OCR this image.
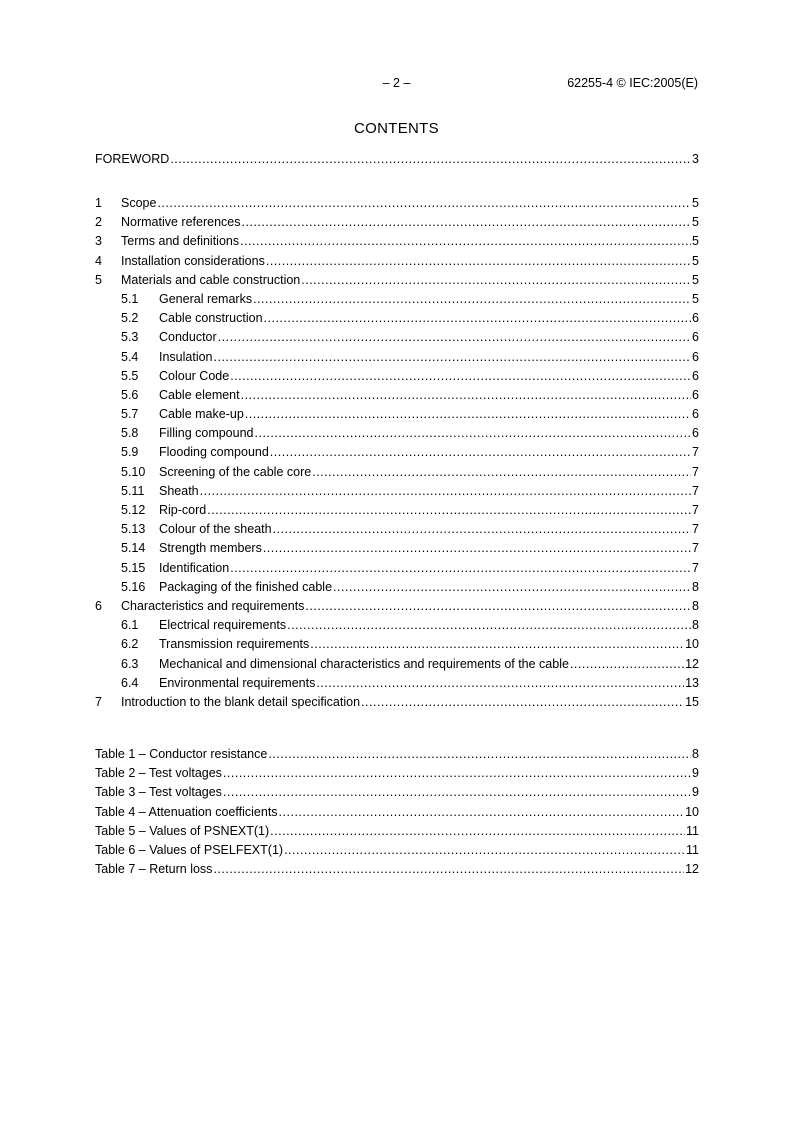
– 2 –	62255-4 © IEC:2005(E)
CONTENTS
FOREWORD .....	3
1	Scope .....	5
2	Normative references .....	5
3	Terms and definitions .....	5
4	Installation considerations .....	5
5	Materials and cable construction .....	5
5.1	General remarks .....	5
5.2	Cable construction .....	6
5.3	Conductor .....	6
5.4	Insulation .....	6
5.5	Colour Code .....	6
5.6	Cable element .....	6
5.7	Cable make-up .....	6
5.8	Filling compound .....	6
5.9	Flooding compound .....	7
5.10	Screening of the cable core .....	7
5.11	Sheath .....	7
5.12	Rip-cord .....	7
5.13	Colour of the sheath .....	7
5.14	Strength members .....	7
5.15	Identification .....	7
5.16	Packaging of the finished cable .....	8
6	Characteristics and requirements .....	8
6.1	Electrical requirements .....	8
6.2	Transmission requirements .....	10
6.3	Mechanical and dimensional characteristics and requirements of the cable .....	12
6.4	Environmental requirements .....	13
7	Introduction to the blank detail specification .....	15
Table 1 – Conductor resistance .....	8
Table 2 – Test voltages .....	9
Table 3 – Test voltages .....	9
Table 4 – Attenuation coefficients .....	10
Table 5 – Values of PSNEXT(1) .....	11
Table 6 – Values of PSELFEXT(1) .....	11
Table 7 – Return loss .....	12
